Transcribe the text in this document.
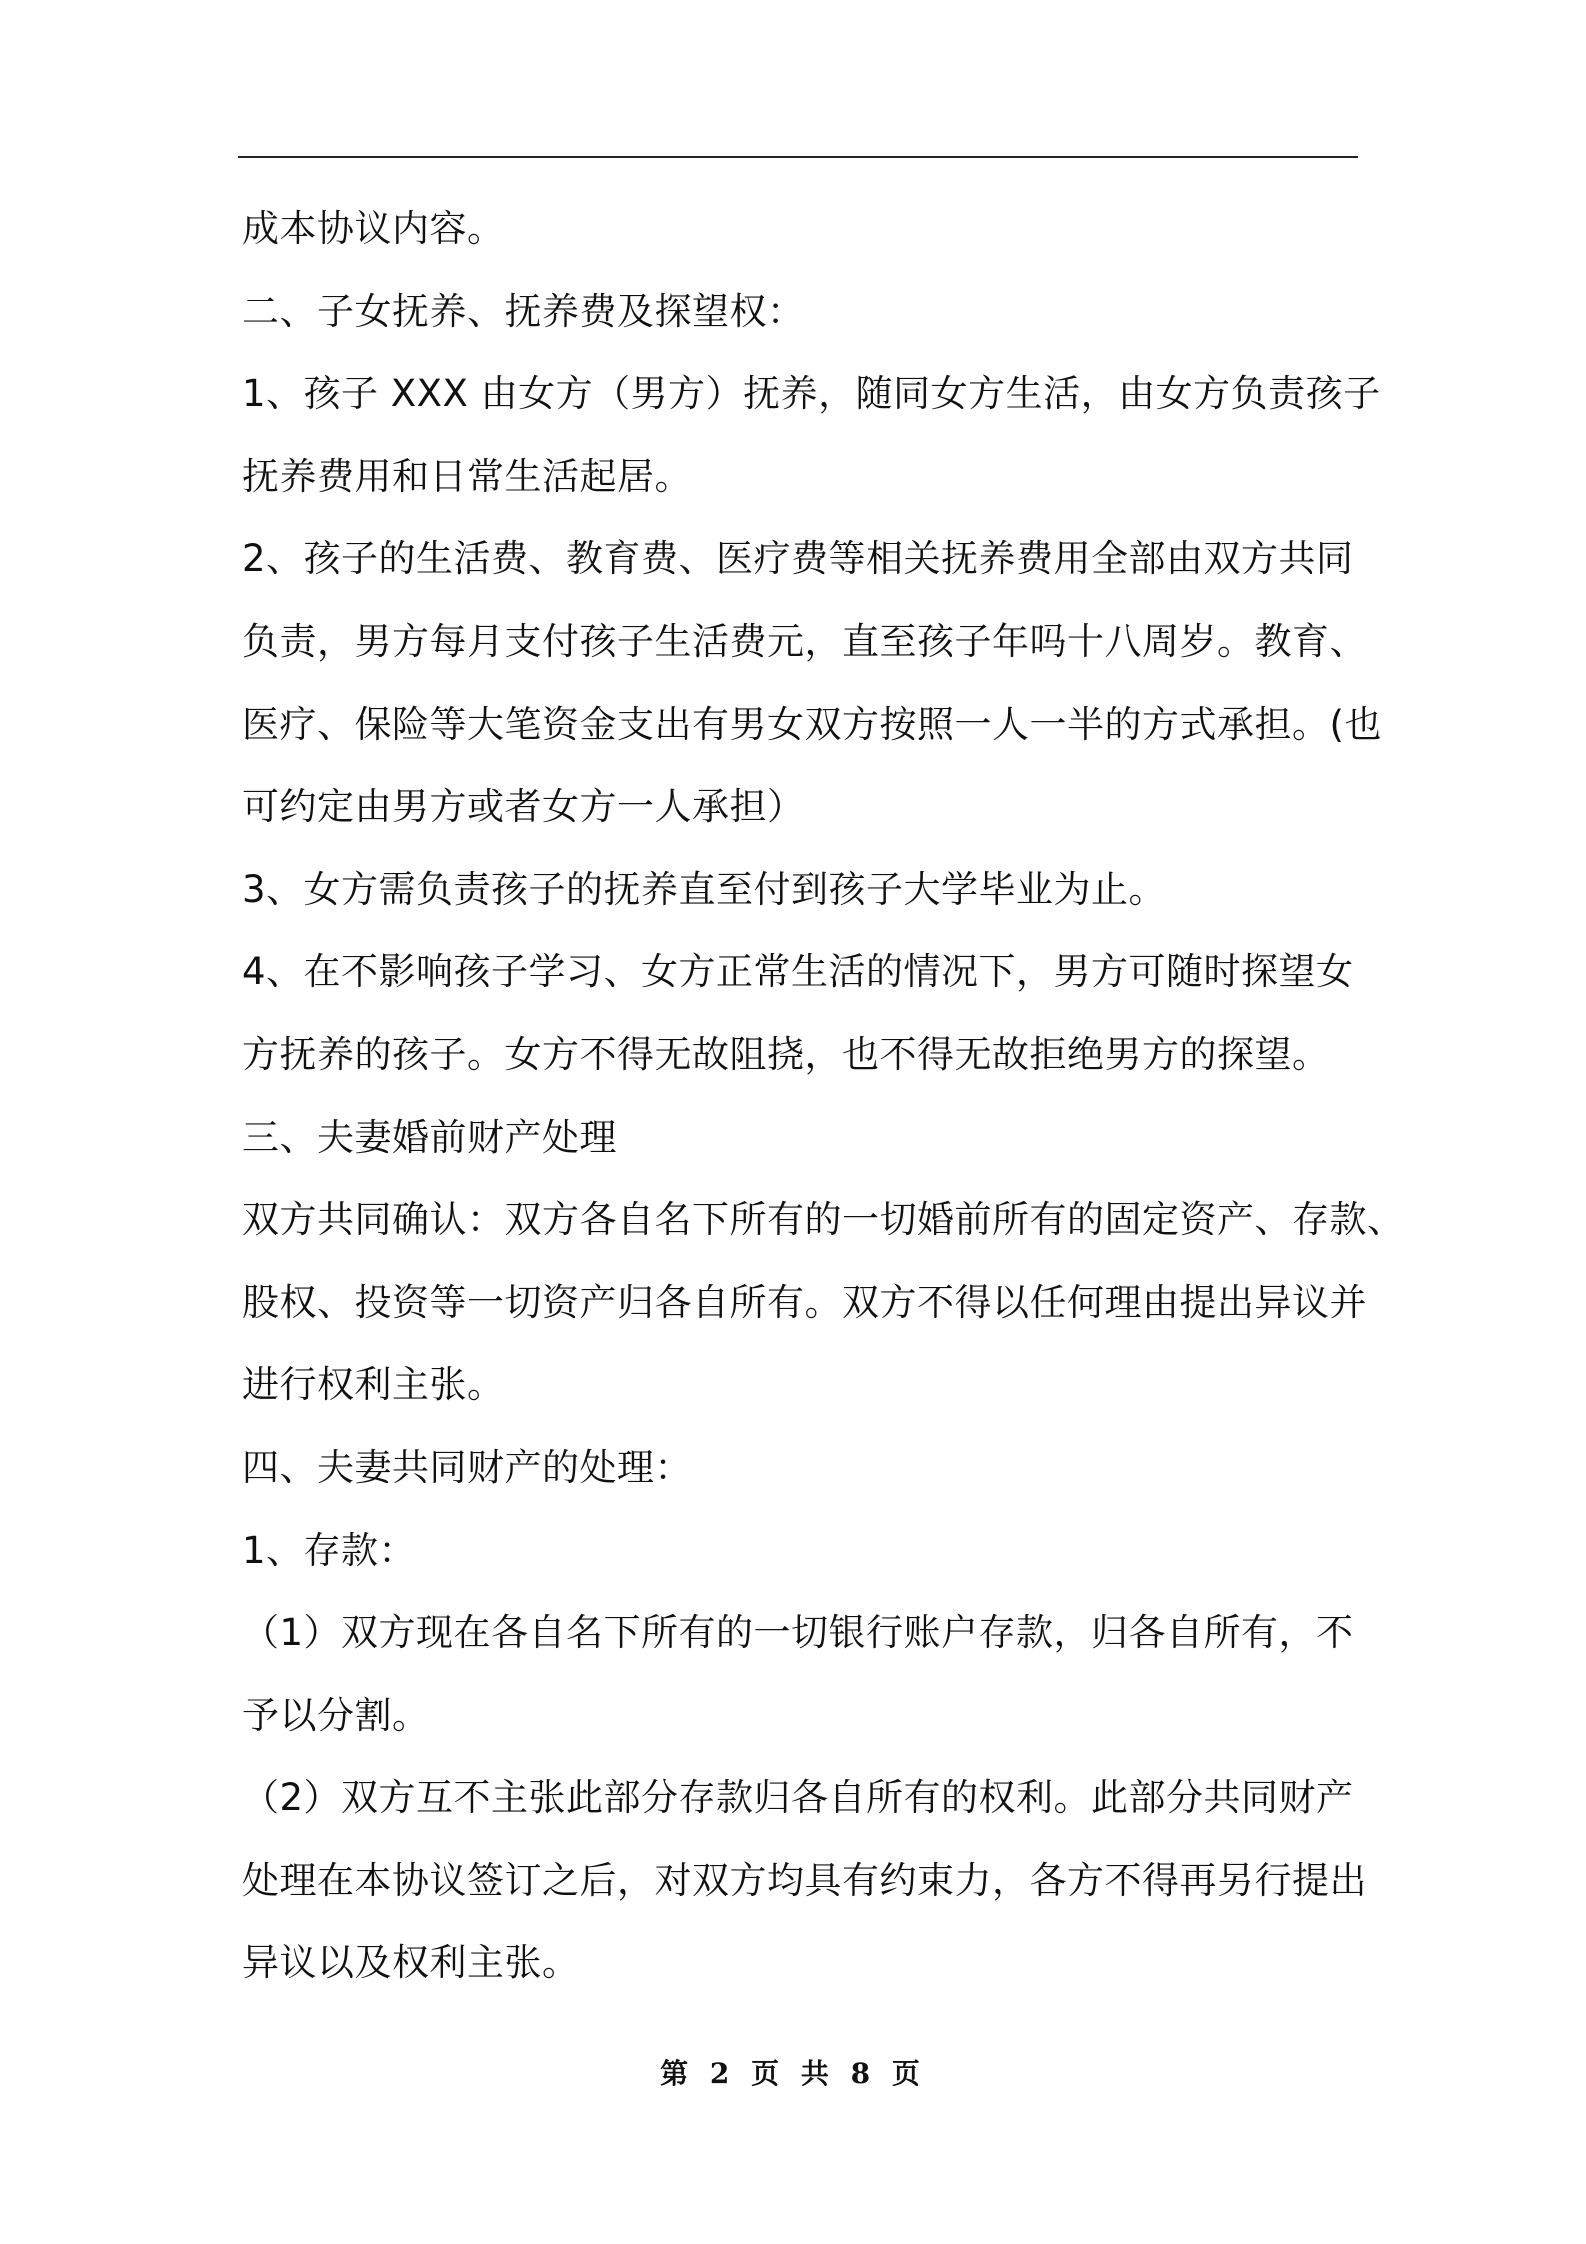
成本协议内容。
二、子女抚养、抚养费及探望权：
1、孩子 XXX 由女方（男方）抚养，随同女方生活，由女方负责孩子
抚养费用和日常生活起居。
2、孩子的生活费、教育费、医疗费等相关抚养费用全部由双方共同
负责，男方每月支付孩子生活费元，直至孩子年吗十八周岁。教育、
医疗、保险等大笔资金支出有男女双方按照一人一半的方式承担。(也
可约定由男方或者女方一人承担）
3、女方需负责孩子的抚养直至付到孩子大学毕业为止。
4、在不影响孩子学习、女方正常生活的情况下，男方可随时探望女
方抚养的孩子。女方不得无故阻挠，也不得无故拒绝男方的探望。
三、夫妻婚前财产处理
双方共同确认：双方各自名下所有的一切婚前所有的固定资产、存款、
股权、投资等一切资产归各自所有。双方不得以任何理由提出异议并
进行权利主张。
四、夫妻共同财产的处理：
1、存款：
（1）双方现在各自名下所有的一切银行账户存款，归各自所有，不
予以分割。
（2）双方互不主张此部分存款归各自所有的权利。此部分共同财产
处理在本协议签订之后，对双方均具有约束力，各方不得再另行提出
异议以及权利主张。
第 2 页 共 8 页
